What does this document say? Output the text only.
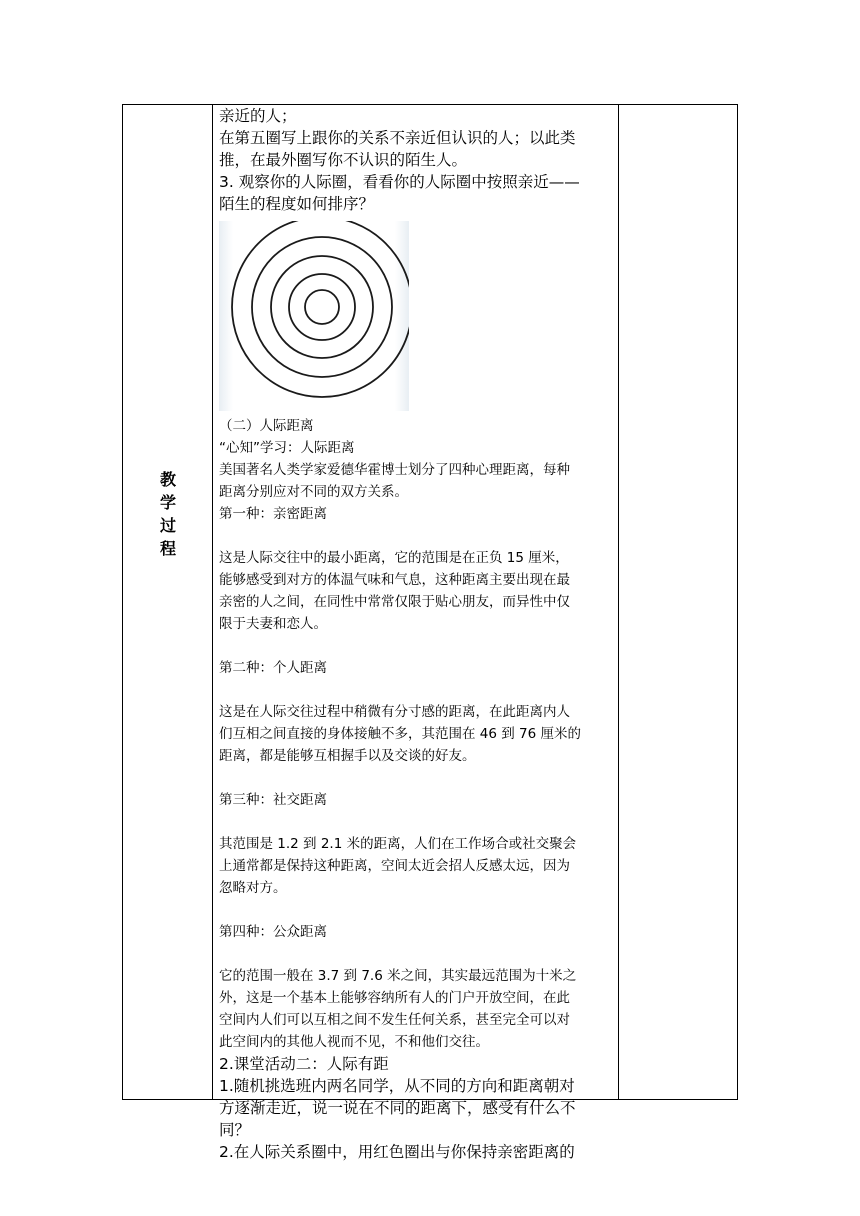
教
学
过
程

亲近的人；

在第五圈写上跟你的关系不亲近但认识的人；以此类

推，在最外圈写你不认识的陌生人。

3. 观察你的人际圈，看看你的人际圈中按照亲近——

陌生的程度如何排序？

（二）人际距离

“心知”学习：人际距离

美国著名人类学家爱德华霍博士划分了四种心理距离，每种

距离分别应对不同的双方关系。

第一种：亲密距离

这是人际交往中的最小距离，它的范围是在正负 15 厘米，

能够感受到对方的体温气味和气息，这种距离主要出现在最

亲密的人之间，在同性中常常仅限于贴心朋友，而异性中仅

限于夫妻和恋人。

第二种：个人距离

这是在人际交往过程中稍微有分寸感的距离，在此距离内人

们互相之间直接的身体接触不多，其范围在 46 到 76 厘米的

距离，都是能够互相握手以及交谈的好友。

第三种：社交距离

其范围是 1.2 到 2.1 米的距离，人们在工作场合或社交聚会

上通常都是保持这种距离，空间太近会招人反感太远，因为

忽略对方。

第四种：公众距离

它的范围一般在 3.7 到 7.6 米之间，其实最远范围为十米之

外，这是一个基本上能够容纳所有人的门户开放空间，在此

空间内人们可以互相之间不发生任何关系，甚至完全可以对

此空间内的其他人视而不见，不和他们交往。

2.课堂活动二：人际有距

1.随机挑选班内两名同学，从不同的方向和距离朝对

方逐渐走近，说一说在不同的距离下，感受有什么不

同？

2.在人际关系圈中，用红色圈出与你保持亲密距离的
